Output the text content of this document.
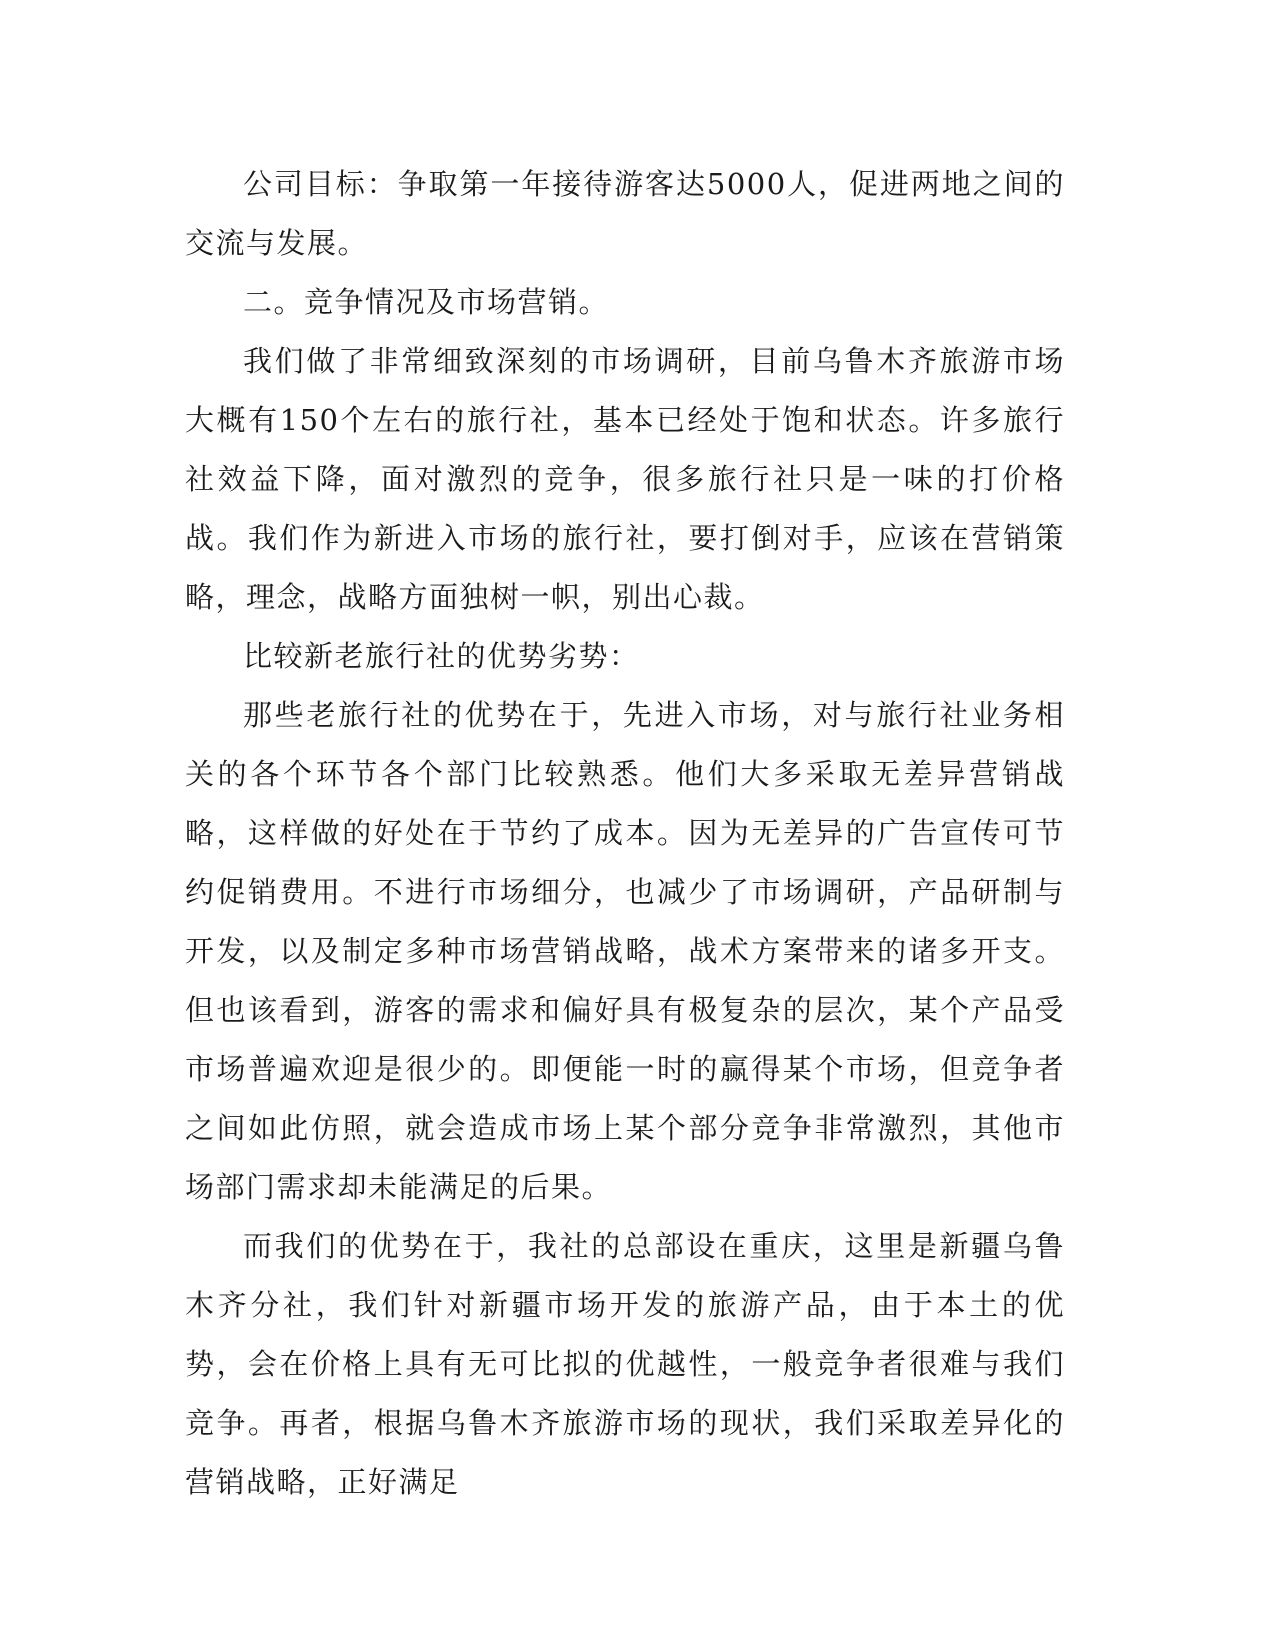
公司目标：争取第一年接待游客达5000人，促进两地之间的交流与发展。

二。竞争情况及市场营销。

我们做了非常细致深刻的市场调研，目前乌鲁木齐旅游市场大概有150个左右的旅行社，基本已经处于饱和状态。许多旅行社效益下降，面对激烈的竞争，很多旅行社只是一味的打价格战。我们作为新进入市场的旅行社，要打倒对手，应该在营销策略，理念，战略方面独树一帜，别出心裁。

比较新老旅行社的优势劣势：

那些老旅行社的优势在于，先进入市场，对与旅行社业务相关的各个环节各个部门比较熟悉。他们大多采取无差异营销战略，这样做的好处在于节约了成本。因为无差异的广告宣传可节约促销费用。不进行市场细分，也减少了市场调研，产品研制与开发，以及制定多种市场营销战略，战术方案带来的诸多开支。但也该看到，游客的需求和偏好具有极复杂的层次，某个产品受市场普遍欢迎是很少的。即便能一时的赢得某个市场，但竞争者之间如此仿照，就会造成市场上某个部分竞争非常激烈，其他市场部门需求却未能满足的后果。

而我们的优势在于，我社的总部设在重庆，这里是新疆乌鲁木齐分社，我们针对新疆市场开发的旅游产品，由于本土的优势，会在价格上具有无可比拟的优越性，一般竞争者很难与我们竞争。再者，根据乌鲁木齐旅游市场的现状，我们采取差异化的营销战略，正好满足
